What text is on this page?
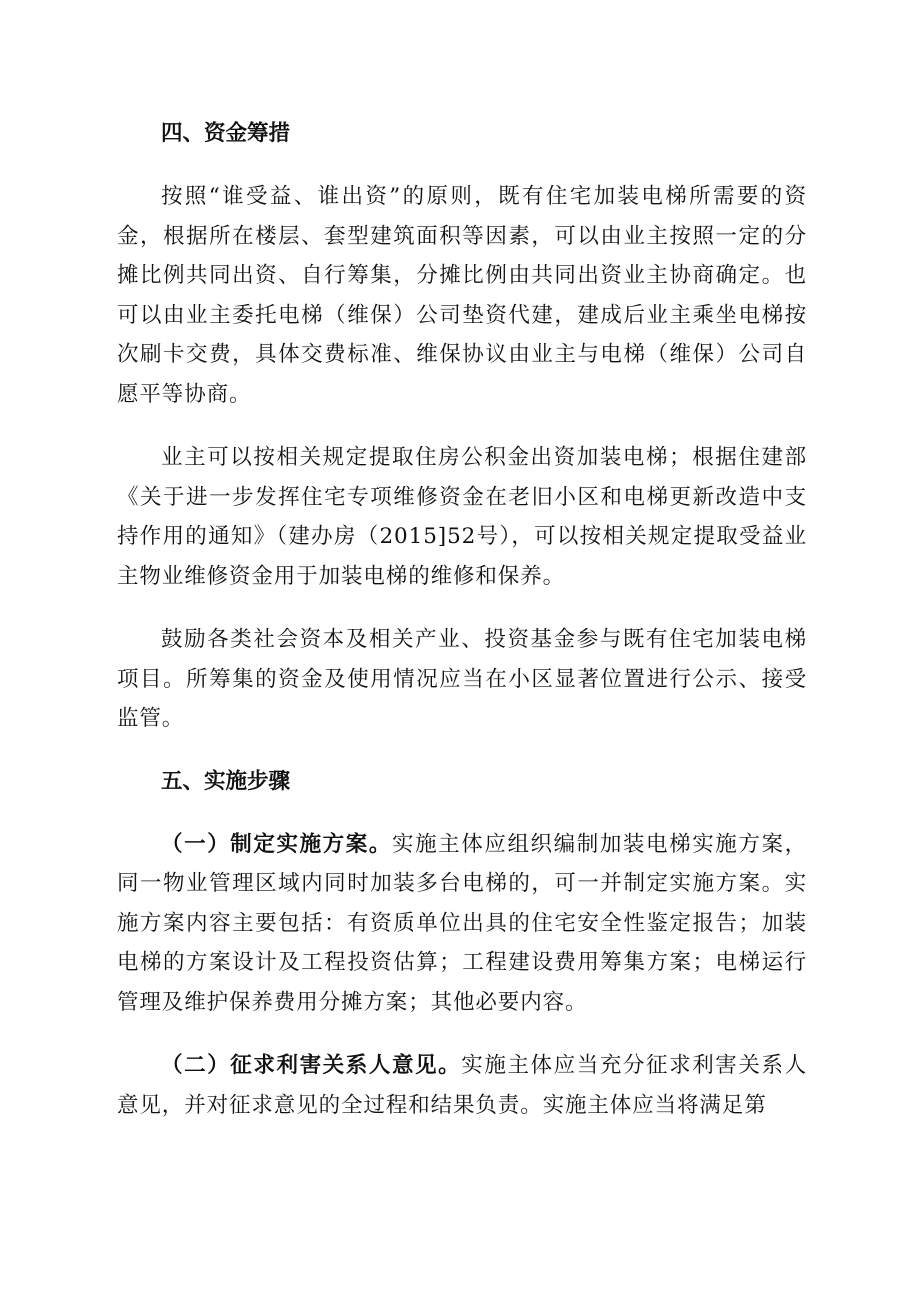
四、资金筹措

按照“谁受益、谁出资”的原则，既有住宅加装电梯所需要的资金，根据所在楼层、套型建筑面积等因素，可以由业主按照一定的分摊比例共同出资、自行筹集，分摊比例由共同出资业主协商确定。也可以由业主委托电梯（维保）公司垫资代建，建成后业主乘坐电梯按次刷卡交费，具体交费标准、维保协议由业主与电梯（维保）公司自愿平等协商。

业主可以按相关规定提取住房公积金出资加装电梯；根据住建部《关于进一步发挥住宅专项维修资金在老旧小区和电梯更新改造中支持作用的通知》（建办房（2015]52号），可以按相关规定提取受益业主物业维修资金用于加装电梯的维修和保养。

鼓励各类社会资本及相关产业、投资基金参与既有住宅加装电梯项目。所筹集的资金及使用情况应当在小区显著位置进行公示、接受监管。

五、实施步骤

（一）制定实施方案。实施主体应组织编制加装电梯实施方案，同一物业管理区域内同时加装多台电梯的，可一并制定实施方案。实施方案内容主要包括：有资质单位出具的住宅安全性鉴定报告；加装电梯的方案设计及工程投资估算；工程建设费用筹集方案；电梯运行管理及维护保养费用分摊方案；其他必要内容。

（二）征求利害关系人意见。实施主体应当充分征求利害关系人意见，并对征求意见的全过程和结果负责。实施主体应当将满足第
